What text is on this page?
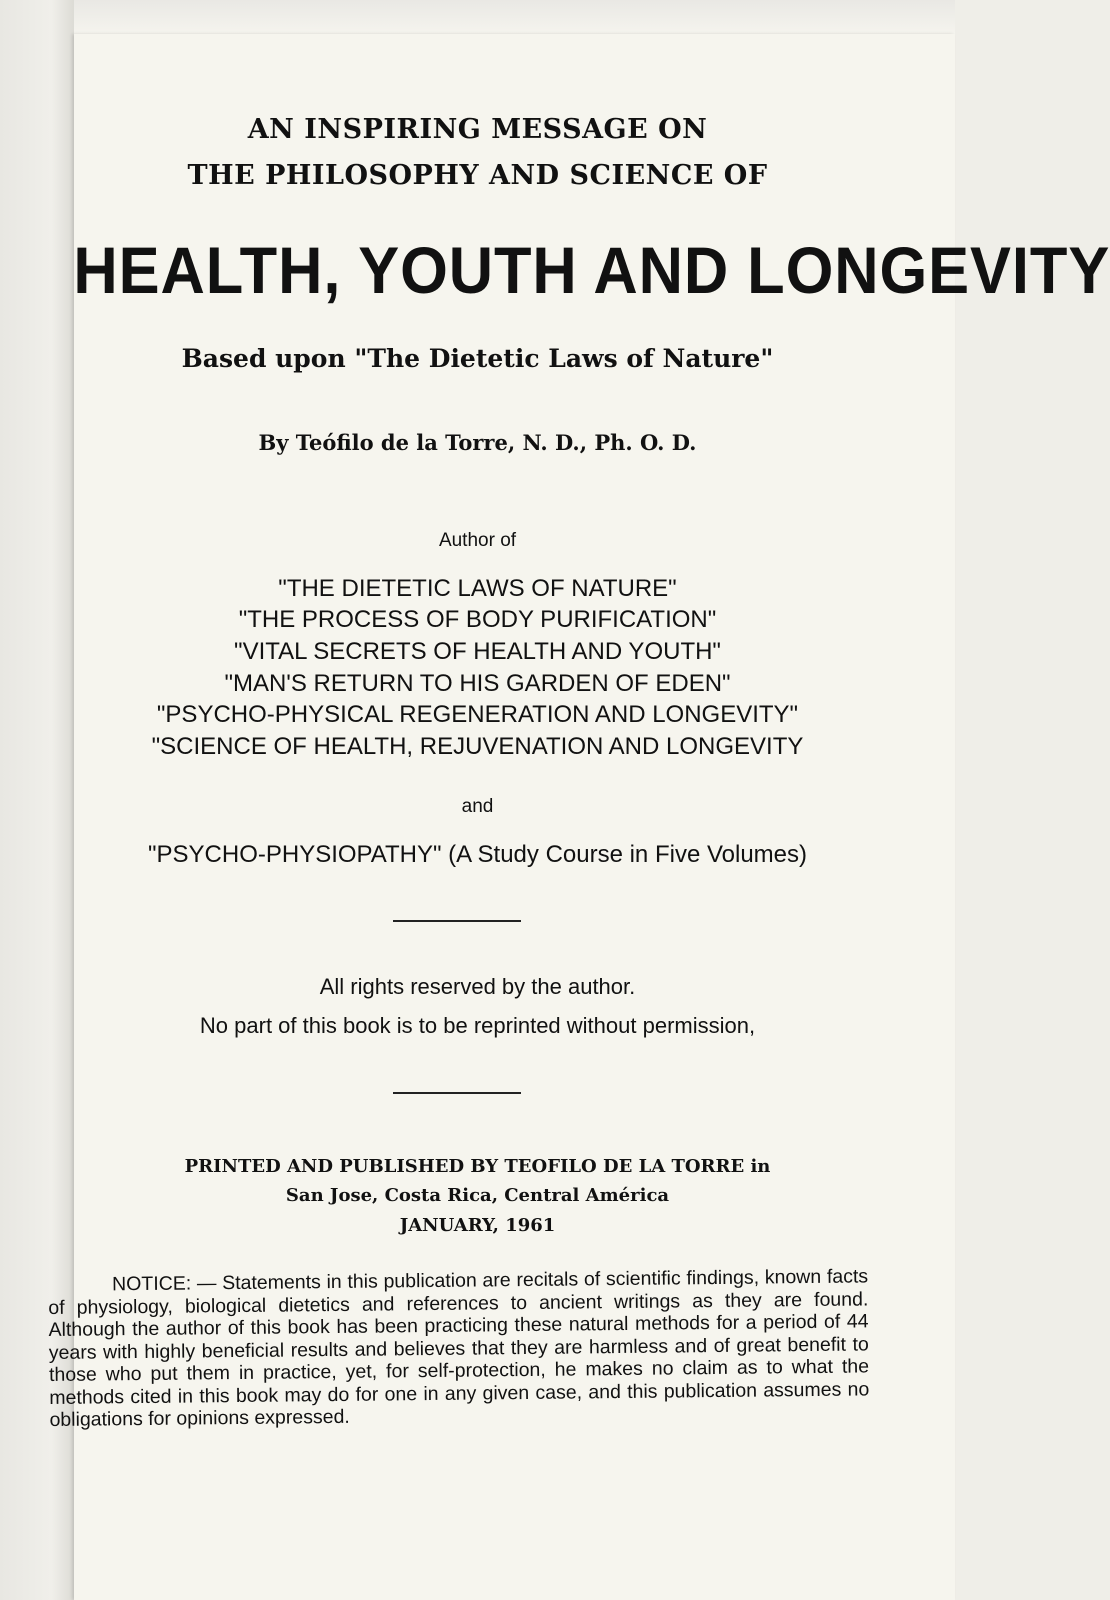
AN INSPIRING MESSAGE ON
THE PHILOSOPHY AND SCIENCE OF
HEALTH, YOUTH AND LONGEVITY
Based upon "The Dietetic Laws of Nature"
By Teófilo de la Torre, N. D., Ph. O. D.
Author of
"THE DIETETIC LAWS OF NATURE"
"THE PROCESS OF BODY PURIFICATION"
"VITAL SECRETS OF HEALTH AND YOUTH"
"MAN'S RETURN TO HIS GARDEN OF EDEN"
"PSYCHO-PHYSICAL REGENERATION AND LONGEVITY"
"SCIENCE OF HEALTH, REJUVENATION AND LONGEVITY
and
"PSYCHO-PHYSIOPATHY" (A Study Course in Five Volumes)
All rights reserved by the author.
No part of this book is to be reprinted without permission,
PRINTED AND PUBLISHED BY TEOFILO DE LA TORRE in
San Jose, Costa Rica, Central América
JANUARY, 1961
NOTICE: — Statements in this publication are recitals of scientific findings, known facts of physiology, biological dietetics and references to ancient writings as they are found. Although the author of this book has been practicing these natural methods for a period of 44 years with highly beneficial results and believes that they are harmless and of great benefit to those who put them in practice, yet, for self-protection, he makes no claim as to what the methods cited in this book may do for one in any given case, and this publication assumes no obligations for opinions expressed.
